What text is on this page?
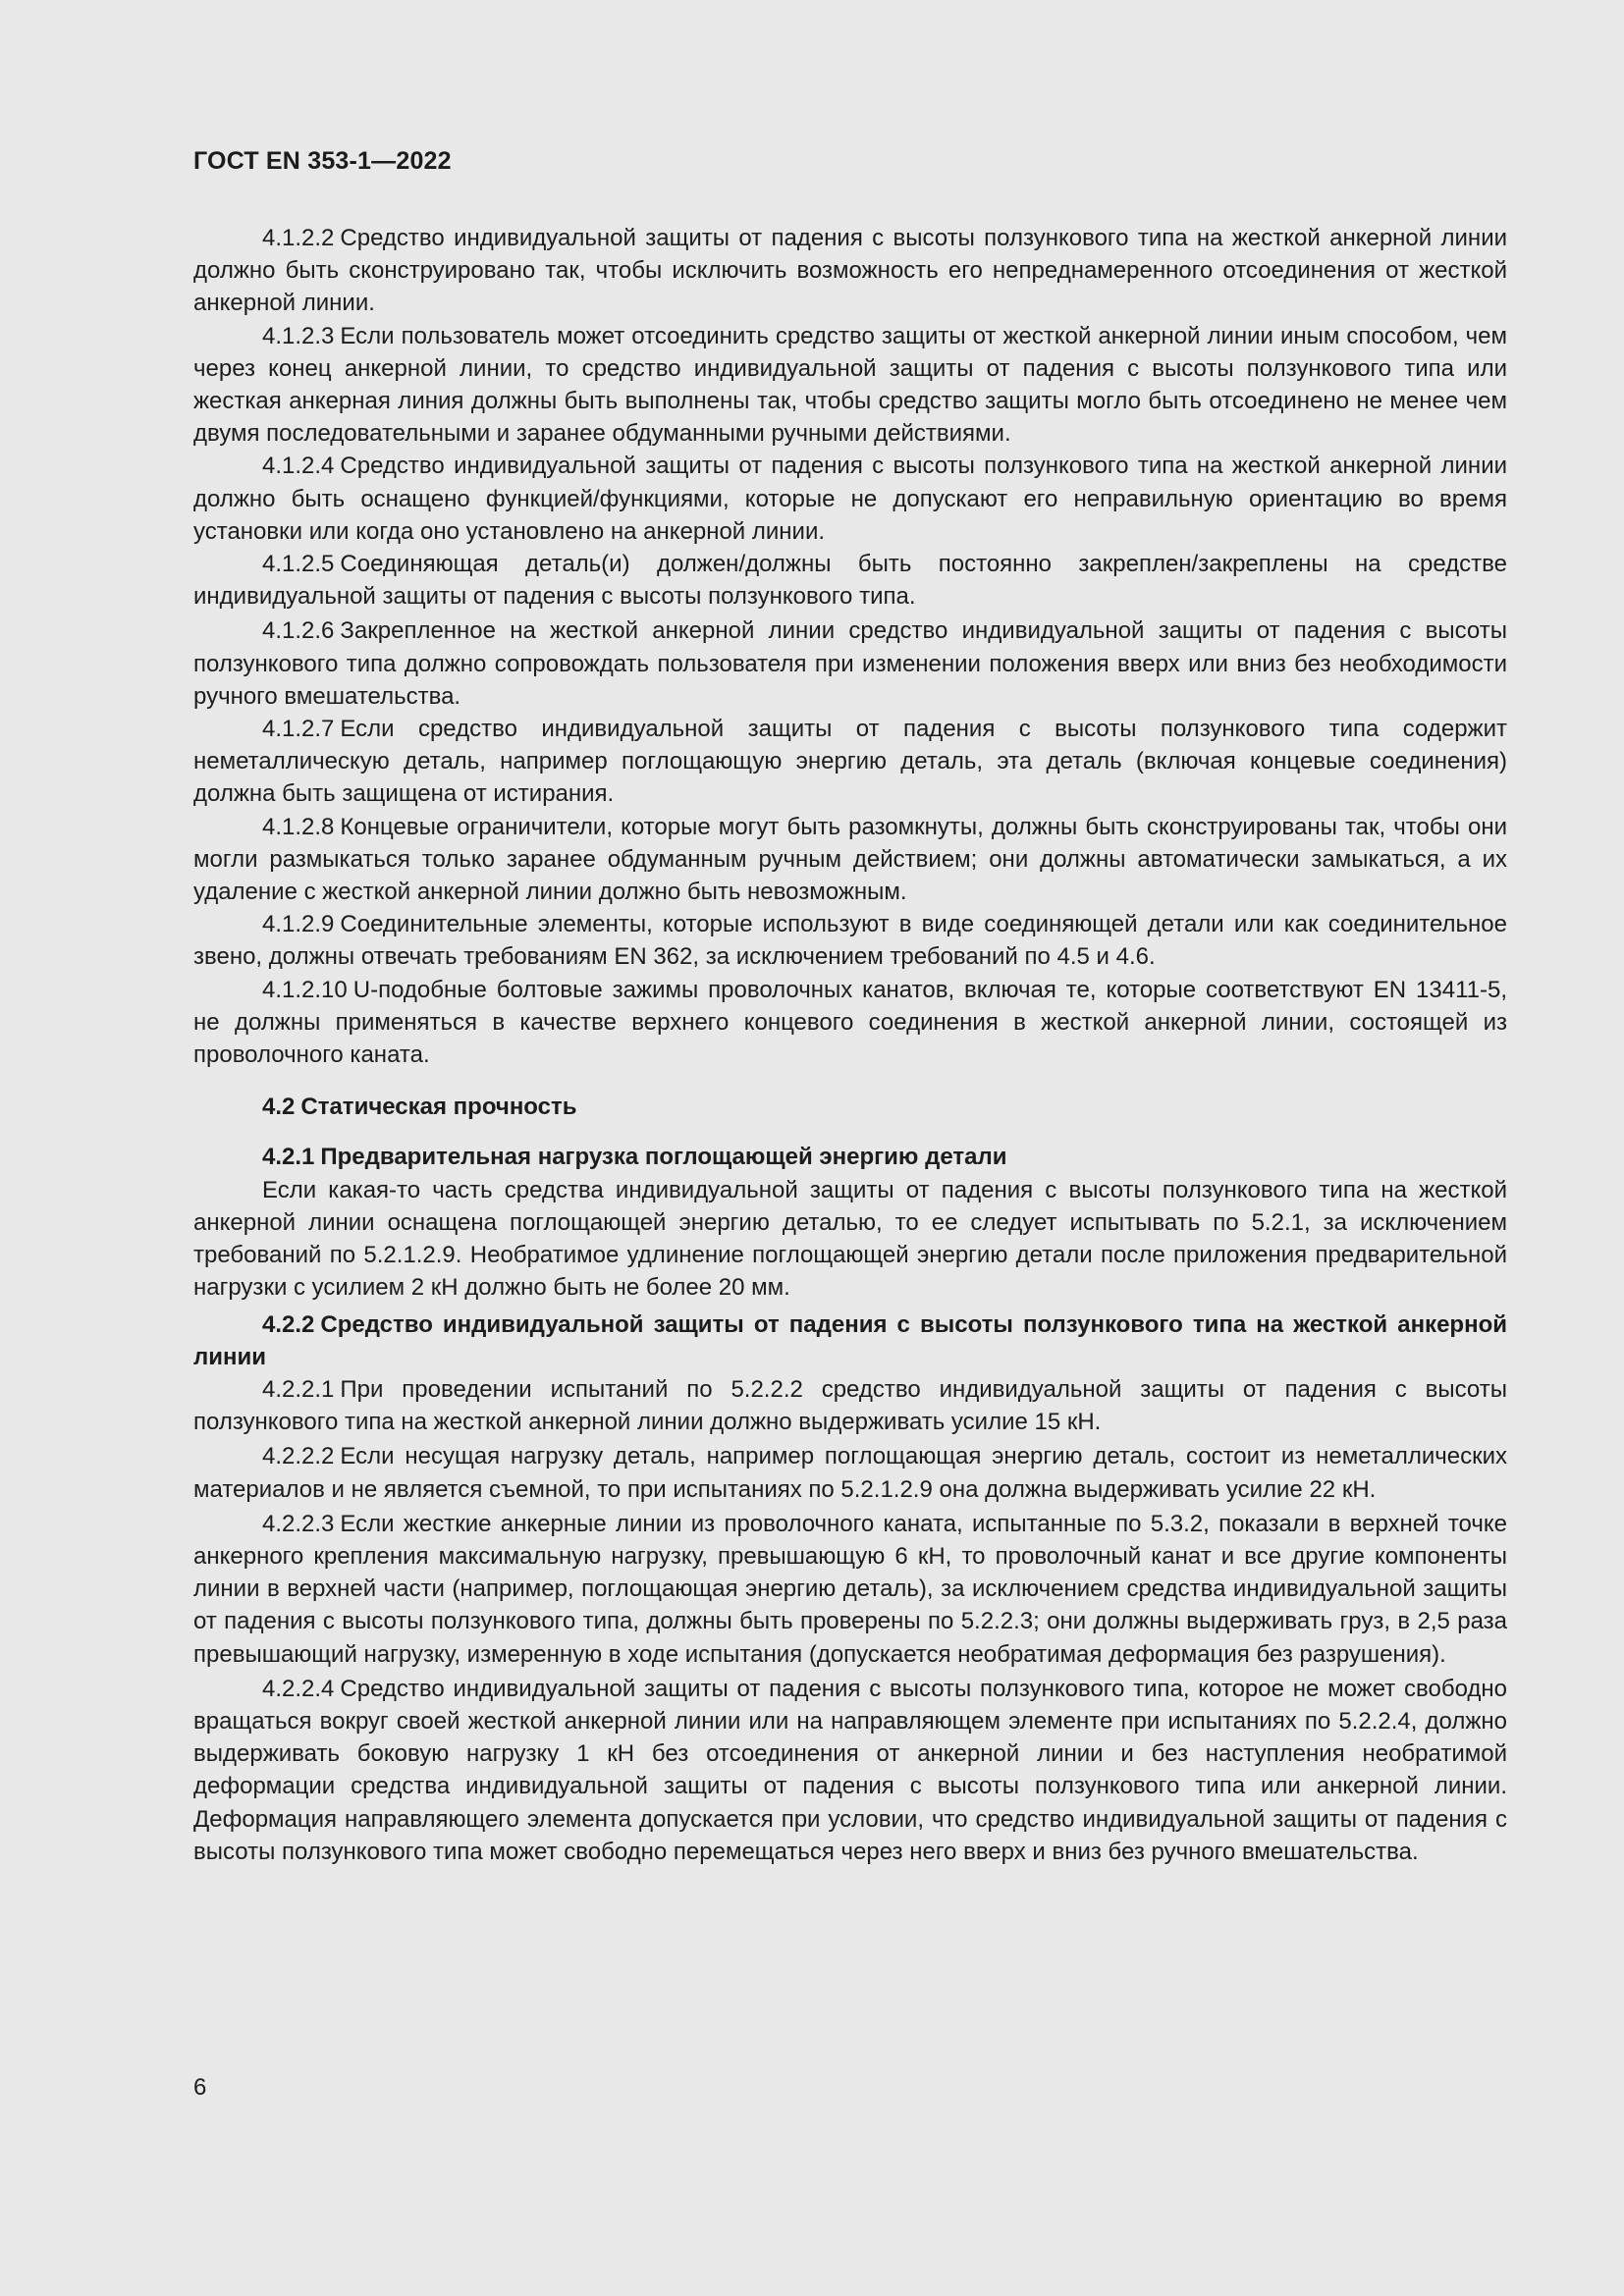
ГОСТ EN 353-1—2022

4.1.2.2 Средство индивидуальной защиты от падения с высоты ползункового типа на жесткой анкерной линии должно быть сконструировано так, чтобы исключить возможность его непреднамеренного отсоединения от жесткой анкерной линии.

4.1.2.3 Если пользователь может отсоединить средство защиты от жесткой анкерной линии иным способом, чем через конец анкерной линии, то средство индивидуальной защиты от падения с высоты ползункового типа или жесткая анкерная линия должны быть выполнены так, чтобы средство защиты могло быть отсоединено не менее чем двумя последовательными и заранее обдуманными ручными действиями.

4.1.2.4 Средство индивидуальной защиты от падения с высоты ползункового типа на жесткой анкерной линии должно быть оснащено функцией/функциями, которые не допускают его неправильную ориентацию во время установки или когда оно установлено на анкерной линии.

4.1.2.5 Соединяющая деталь(и) должен/должны быть постоянно закреплен/закреплены на средстве индивидуальной защиты от падения с высоты ползункового типа.

4.1.2.6 Закрепленное на жесткой анкерной линии средство индивидуальной защиты от падения с высоты ползункового типа должно сопровождать пользователя при изменении положения вверх или вниз без необходимости ручного вмешательства.

4.1.2.7 Если средство индивидуальной защиты от падения с высоты ползункового типа содержит неметаллическую деталь, например поглощающую энергию деталь, эта деталь (включая концевые соединения) должна быть защищена от истирания.

4.1.2.8 Концевые ограничители, которые могут быть разомкнуты, должны быть сконструированы так, чтобы они могли размыкаться только заранее обдуманным ручным действием; они должны автоматически замыкаться, а их удаление с жесткой анкерной линии должно быть невозможным.

4.1.2.9 Соединительные элементы, которые используют в виде соединяющей детали или как соединительное звено, должны отвечать требованиям EN 362, за исключением требований по 4.5 и 4.6.

4.1.2.10 U-подобные болтовые зажимы проволочных канатов, включая те, которые соответствуют EN 13411-5, не должны применяться в качестве верхнего концевого соединения в жесткой анкерной линии, состоящей из проволочного каната.

4.2 Статическая прочность
4.2.1 Предварительная нагрузка поглощающей энергию детали

Если какая-то часть средства индивидуальной защиты от падения с высоты ползункового типа на жесткой анкерной линии оснащена поглощающей энергию деталью, то ее следует испытывать по 5.2.1, за исключением требований по 5.2.1.2.9. Необратимое удлинение поглощающей энергию детали после приложения предварительной нагрузки с усилием 2 кН должно быть не более 20 мм.

4.2.2 Средство индивидуальной защиты от падения с высоты ползункового типа на жесткой анкерной линии

4.2.2.1 При проведении испытаний по 5.2.2.2 средство индивидуальной защиты от падения с высоты ползункового типа на жесткой анкерной линии должно выдерживать усилие 15 кН.

4.2.2.2 Если несущая нагрузку деталь, например поглощающая энергию деталь, состоит из неметаллических материалов и не является съемной, то при испытаниях по 5.2.1.2.9 она должна выдерживать усилие 22 кН.

4.2.2.3 Если жесткие анкерные линии из проволочного каната, испытанные по 5.3.2, показали в верхней точке анкерного крепления максимальную нагрузку, превышающую 6 кН, то проволочный канат и все другие компоненты линии в верхней части (например, поглощающая энергию деталь), за исключением средства индивидуальной защиты от падения с высоты ползункового типа, должны быть проверены по 5.2.2.3; они должны выдерживать груз, в 2,5 раза превышающий нагрузку, измеренную в ходе испытания (допускается необратимая деформация без разрушения).

4.2.2.4 Средство индивидуальной защиты от падения с высоты ползункового типа, которое не может свободно вращаться вокруг своей жесткой анкерной линии или на направляющем элементе при испытаниях по 5.2.2.4, должно выдерживать боковую нагрузку 1 кН без отсоединения от анкерной линии и без наступления необратимой деформации средства индивидуальной защиты от падения с высоты ползункового типа или анкерной линии. Деформация направляющего элемента допускается при условии, что средство индивидуальной защиты от падения с высоты ползункового типа может свободно перемещаться через него вверх и вниз без ручного вмешательства.

6
